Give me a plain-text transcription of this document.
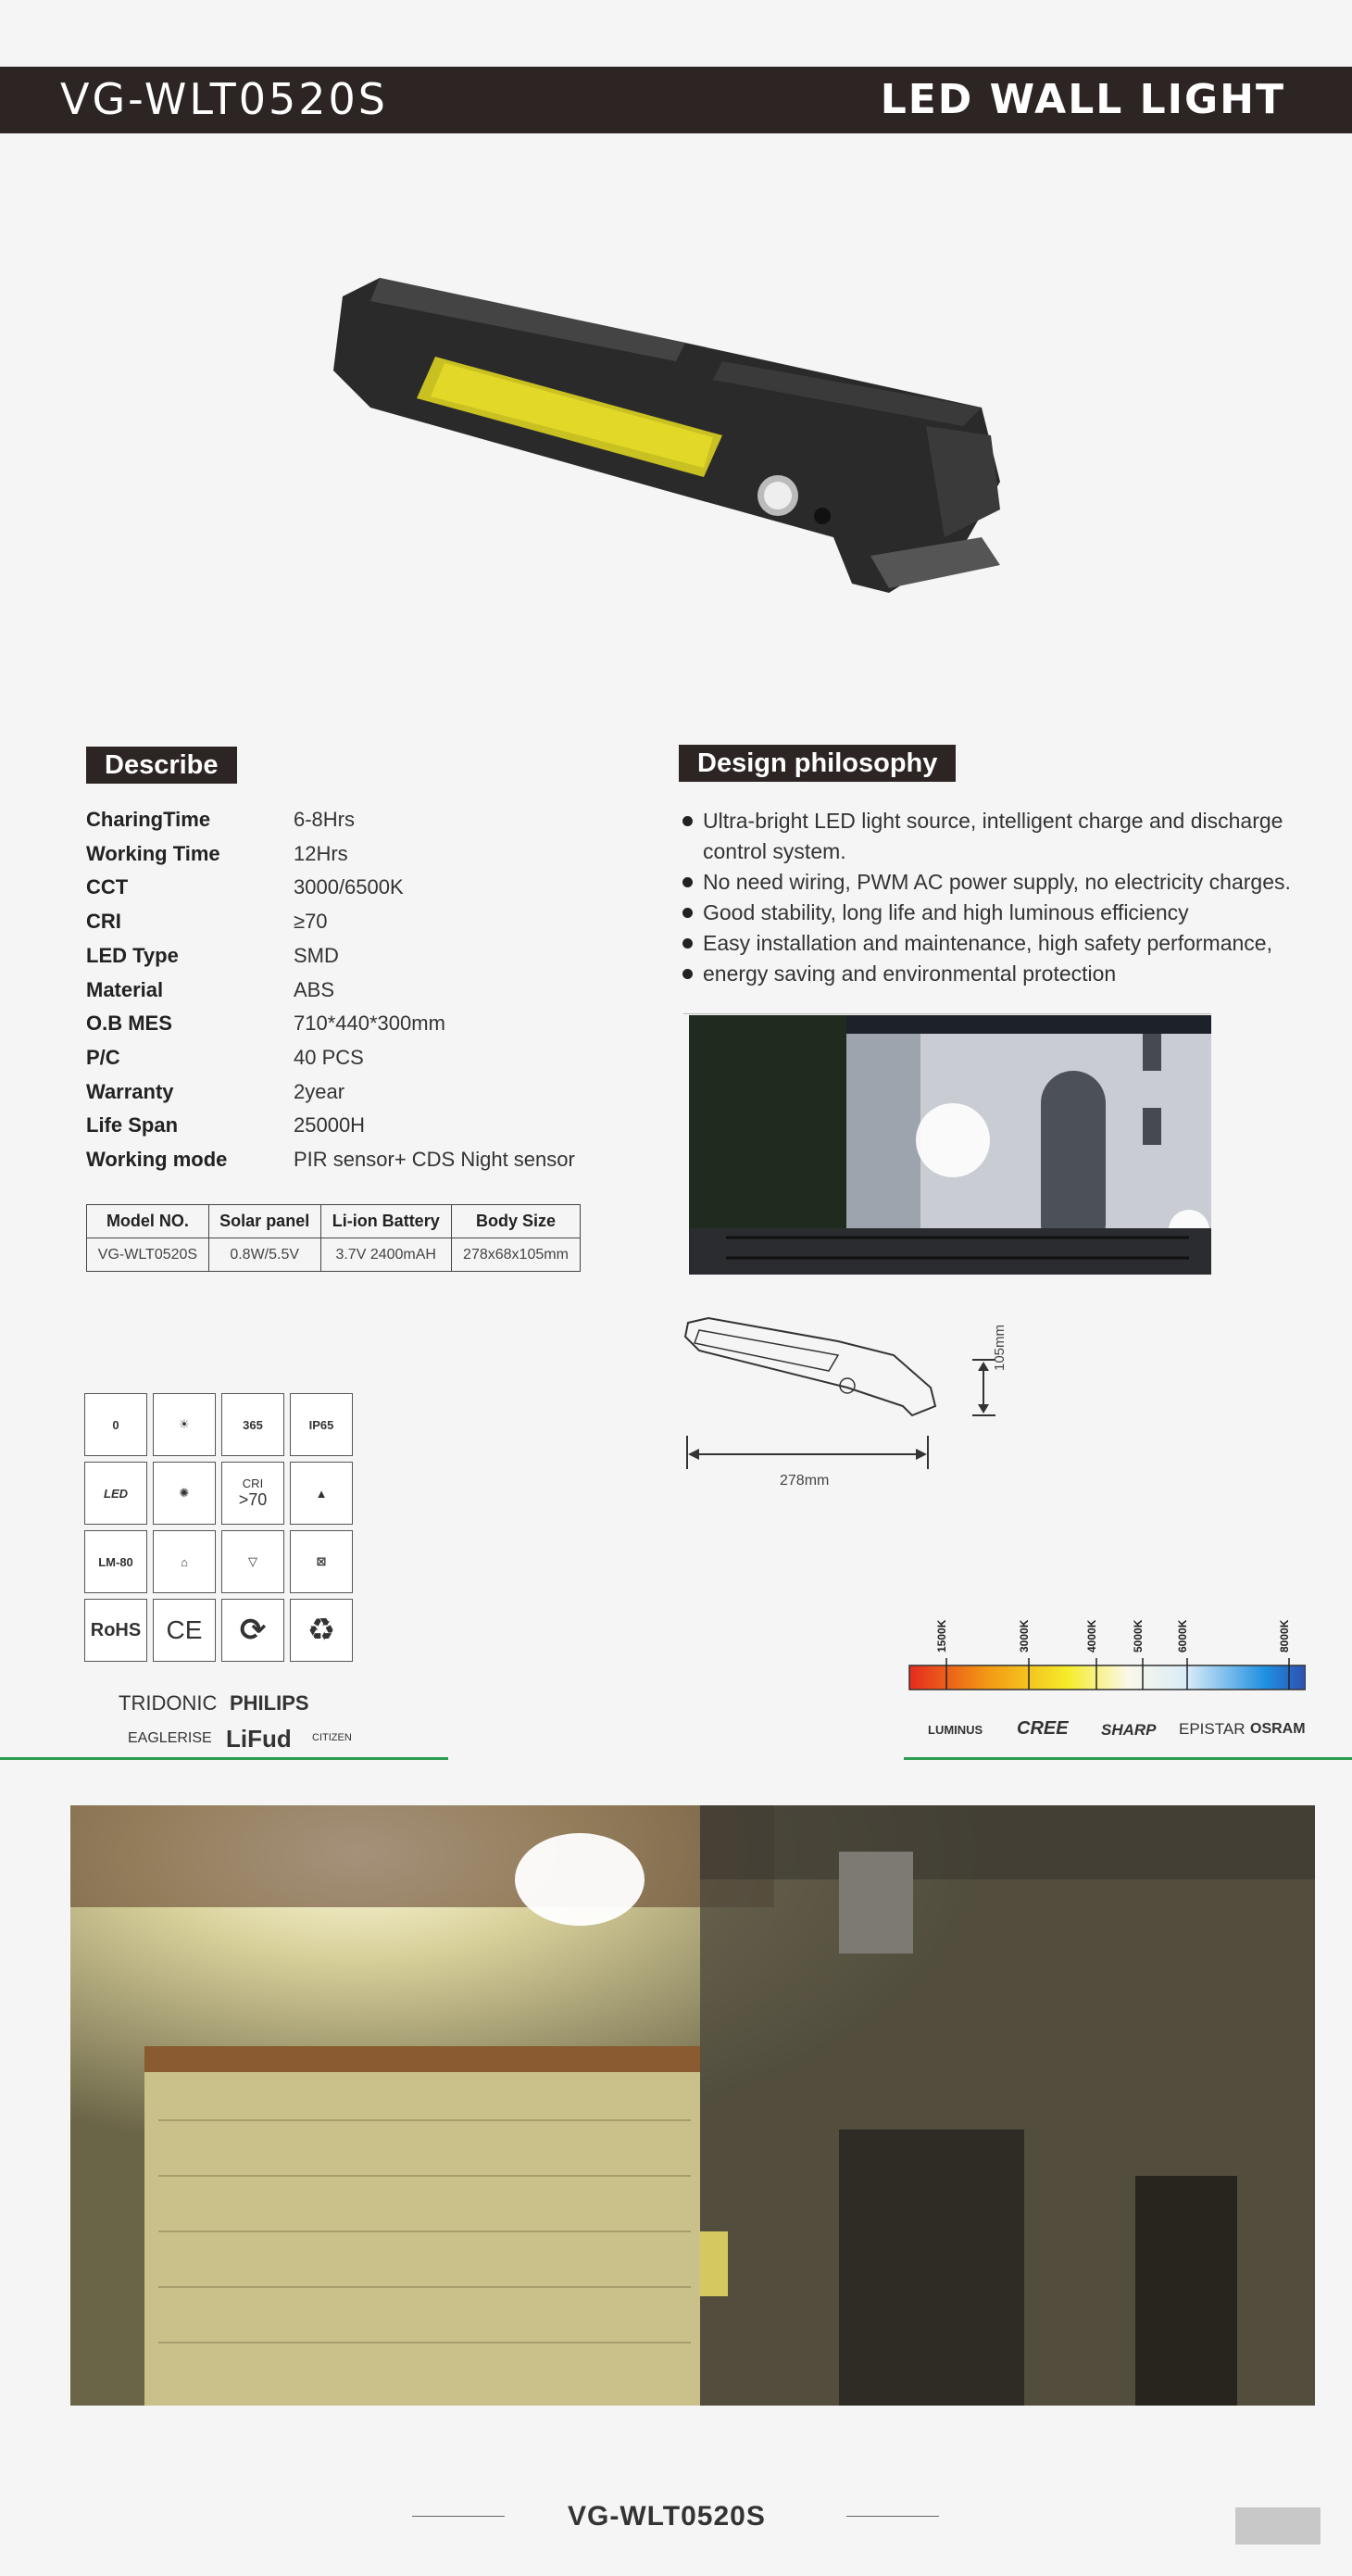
VG-WLT0520S	LED WALL LIGHT
Describe
CharingTime	6-8Hrs
Working Time	12Hrs
CCT	3000/6500K
CRI	≥70
LED Type	SMD
Material	ABS
O.B MES	710*440*300mm
P/C	40 PCS
Warranty	2year
Life Span	25000H
Working mode	PIR sensor+ CDS Night sensor
Model NO.	Solar panel	Li-ion Battery	Body Size
VG-WLT0520S	0.8W/5.5V	3.7V 2400mAH	278x68x105mm
Design philosophy
Ultra-bright LED light source, intelligent charge and discharge control system.
No need wiring, PWM AC power supply, no electricity charges.
Good stability, long life and high luminous efficiency
Easy installation and maintenance, high safety performance,
energy saving and environmental protection
105mm
278mm
0	☀	365	IP65
LED	✺
CRI
>70	▲
LM-80	⌂	▽	⊠
RoHS CE ⟳ ♻
TRIDONIC PHILIPS
EAGLERISE LiFud CITIZEN
1500K	3000K	4000K	5000K	6000K	8000K
LUMINUS CREE SHARP EPISTAR OSRAM
VG-WLT0520S
